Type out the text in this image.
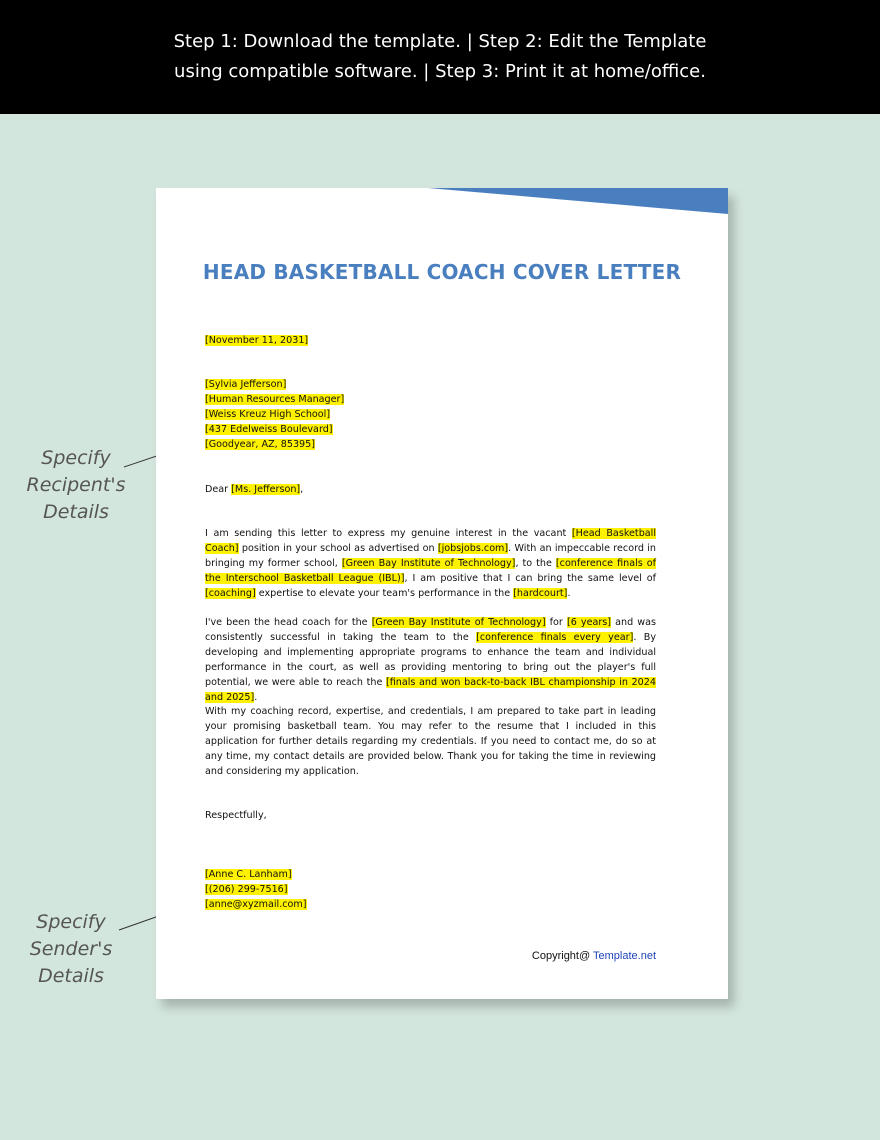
Step 1: Download the template. | Step 2: Edit the Template
using compatible software. | Step 3: Print it at home/office.
Specify
Recipent's
Details
Specify
Sender's
Details
HEAD BASKETBALL COACH COVER LETTER
[November 11, 2031]
[Sylvia Jefferson]
[Human Resources Manager]
[Weiss Kreuz High School]
[437 Edelweiss Boulevard]
[Goodyear, AZ, 85395]
Dear [Ms. Jefferson],
I am sending this letter to express my genuine interest in the vacant [Head Basketball Coach] position in your school as advertised on [jobsjobs.com]. With an impeccable record in bringing my former school, [Green Bay Institute of Technology], to the [conference finals of the Interschool Basketball League (IBL)], I am positive that I can bring the same level of [coaching] expertise to elevate your team's performance in the [hardcourt].
I've been the head coach for the [Green Bay Institute of Technology] for [6 years] and was consistently successful in taking the team to the [conference finals every year]. By developing and implementing appropriate programs to enhance the team and individual performance in the court, as well as providing mentoring to bring out the player's full potential, we were able to reach the [finals and won back-to-back IBL championship in 2024 and 2025].
With my coaching record, expertise, and credentials, I am prepared to take part in leading your promising basketball team. You may refer to the resume that I included in this application for further details regarding my credentials. If you need to contact me, do so at any time, my contact details are provided below. Thank you for taking the time in reviewing and considering my application.
Respectfully,
[Anne C. Lanham]
[(206) 299-7516]
[anne@xyzmail.com]
Copyright@ Template.net
